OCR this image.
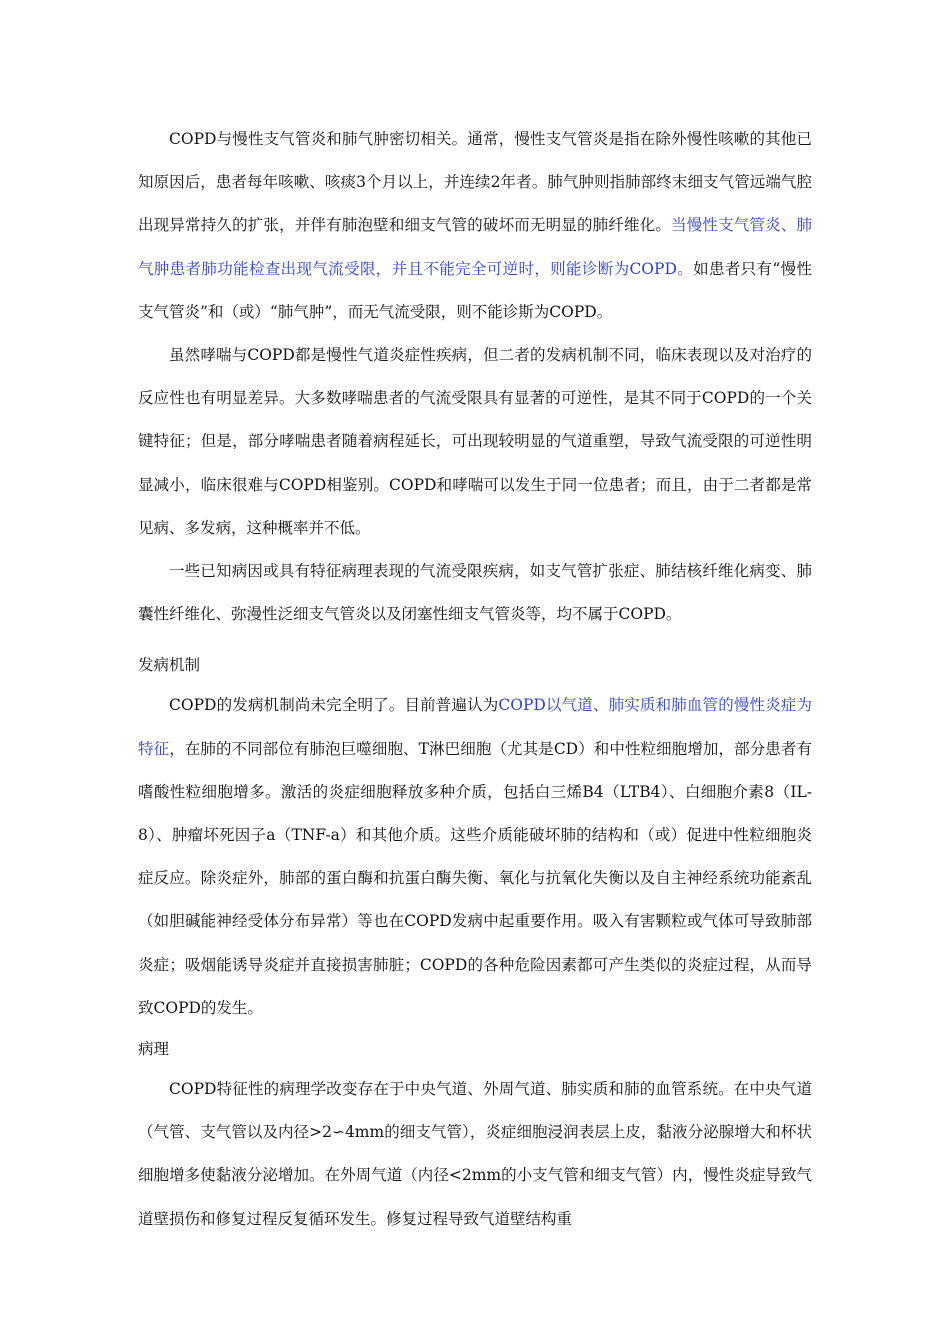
COPD与慢性支气管炎和肺气肿密切相关。通常，慢性支气管炎是指在除外慢性咳嗽的其他已知原因后，患者每年咳嗽、咳痰3个月以上，并连续2年者。肺气肿则指肺部终末细支气管远端气腔出现异常持久的扩张，并伴有肺泡壁和细支气管的破坏而无明显的肺纤维化。当慢性支气管炎、肺气肿患者肺功能检查出现气流受限，并且不能完全可逆时，则能诊断为COPD。如患者只有“慢性支气管炎”和（或）“肺气肿”，而无气流受限，则不能诊斯为COPD。

虽然哮喘与COPD都是慢性气道炎症性疾病，但二者的发病机制不同，临床表现以及对治疗的反应性也有明显差异。大多数哮喘患者的气流受限具有显著的可逆性，是其不同于COPD的一个关键特征；但是，部分哮喘患者随着病程延长，可出现较明显的气道重塑，导致气流受限的可逆性明显减小，临床很难与COPD相鉴别。COPD和哮喘可以发生于同一位患者；而且，由于二者都是常见病、多发病，这种概率并不低。

一些已知病因或具有特征病理表现的气流受限疾病，如支气管扩张症、肺结核纤维化病变、肺囊性纤维化、弥漫性泛细支气管炎以及闭塞性细支气管炎等，均不属于COPD。

发病机制

COPD的发病机制尚未完全明了。目前普遍认为COPD以气道、肺实质和肺血管的慢性炎症为特征，在肺的不同部位有肺泡巨噬细胞、T淋巴细胞（尤其是CD）和中性粒细胞增加，部分患者有嗜酸性粒细胞增多。激活的炎症细胞释放多种介质，包括白三烯B4（LTB4）、白细胞介素8（IL-8）、肿瘤坏死因子a（TNF-a）和其他介质。这些介质能破坏肺的结构和（或）促进中性粒细胞炎症反应。除炎症外，肺部的蛋白酶和抗蛋白酶失衡、氧化与抗氧化失衡以及自主神经系统功能紊乱（如胆碱能神经受体分布异常）等也在COPD发病中起重要作用。吸入有害颗粒或气体可导致肺部炎症；吸烟能诱导炎症并直接损害肺脏；COPD的各种危险因素都可产生类似的炎症过程，从而导致COPD的发生。

病理

COPD特征性的病理学改变存在于中央气道、外周气道、肺实质和肺的血管系统。在中央气道（气管、支气管以及内径>2∽4mm的细支气管），炎症细胞浸润表层上皮，黏液分泌腺增大和杯状细胞增多使黏液分泌增加。在外周气道（内径<2mm的小支气管和细支气管）内，慢性炎症导致气道壁损伤和修复过程反复循环发生。修复过程导致气道壁结构重
